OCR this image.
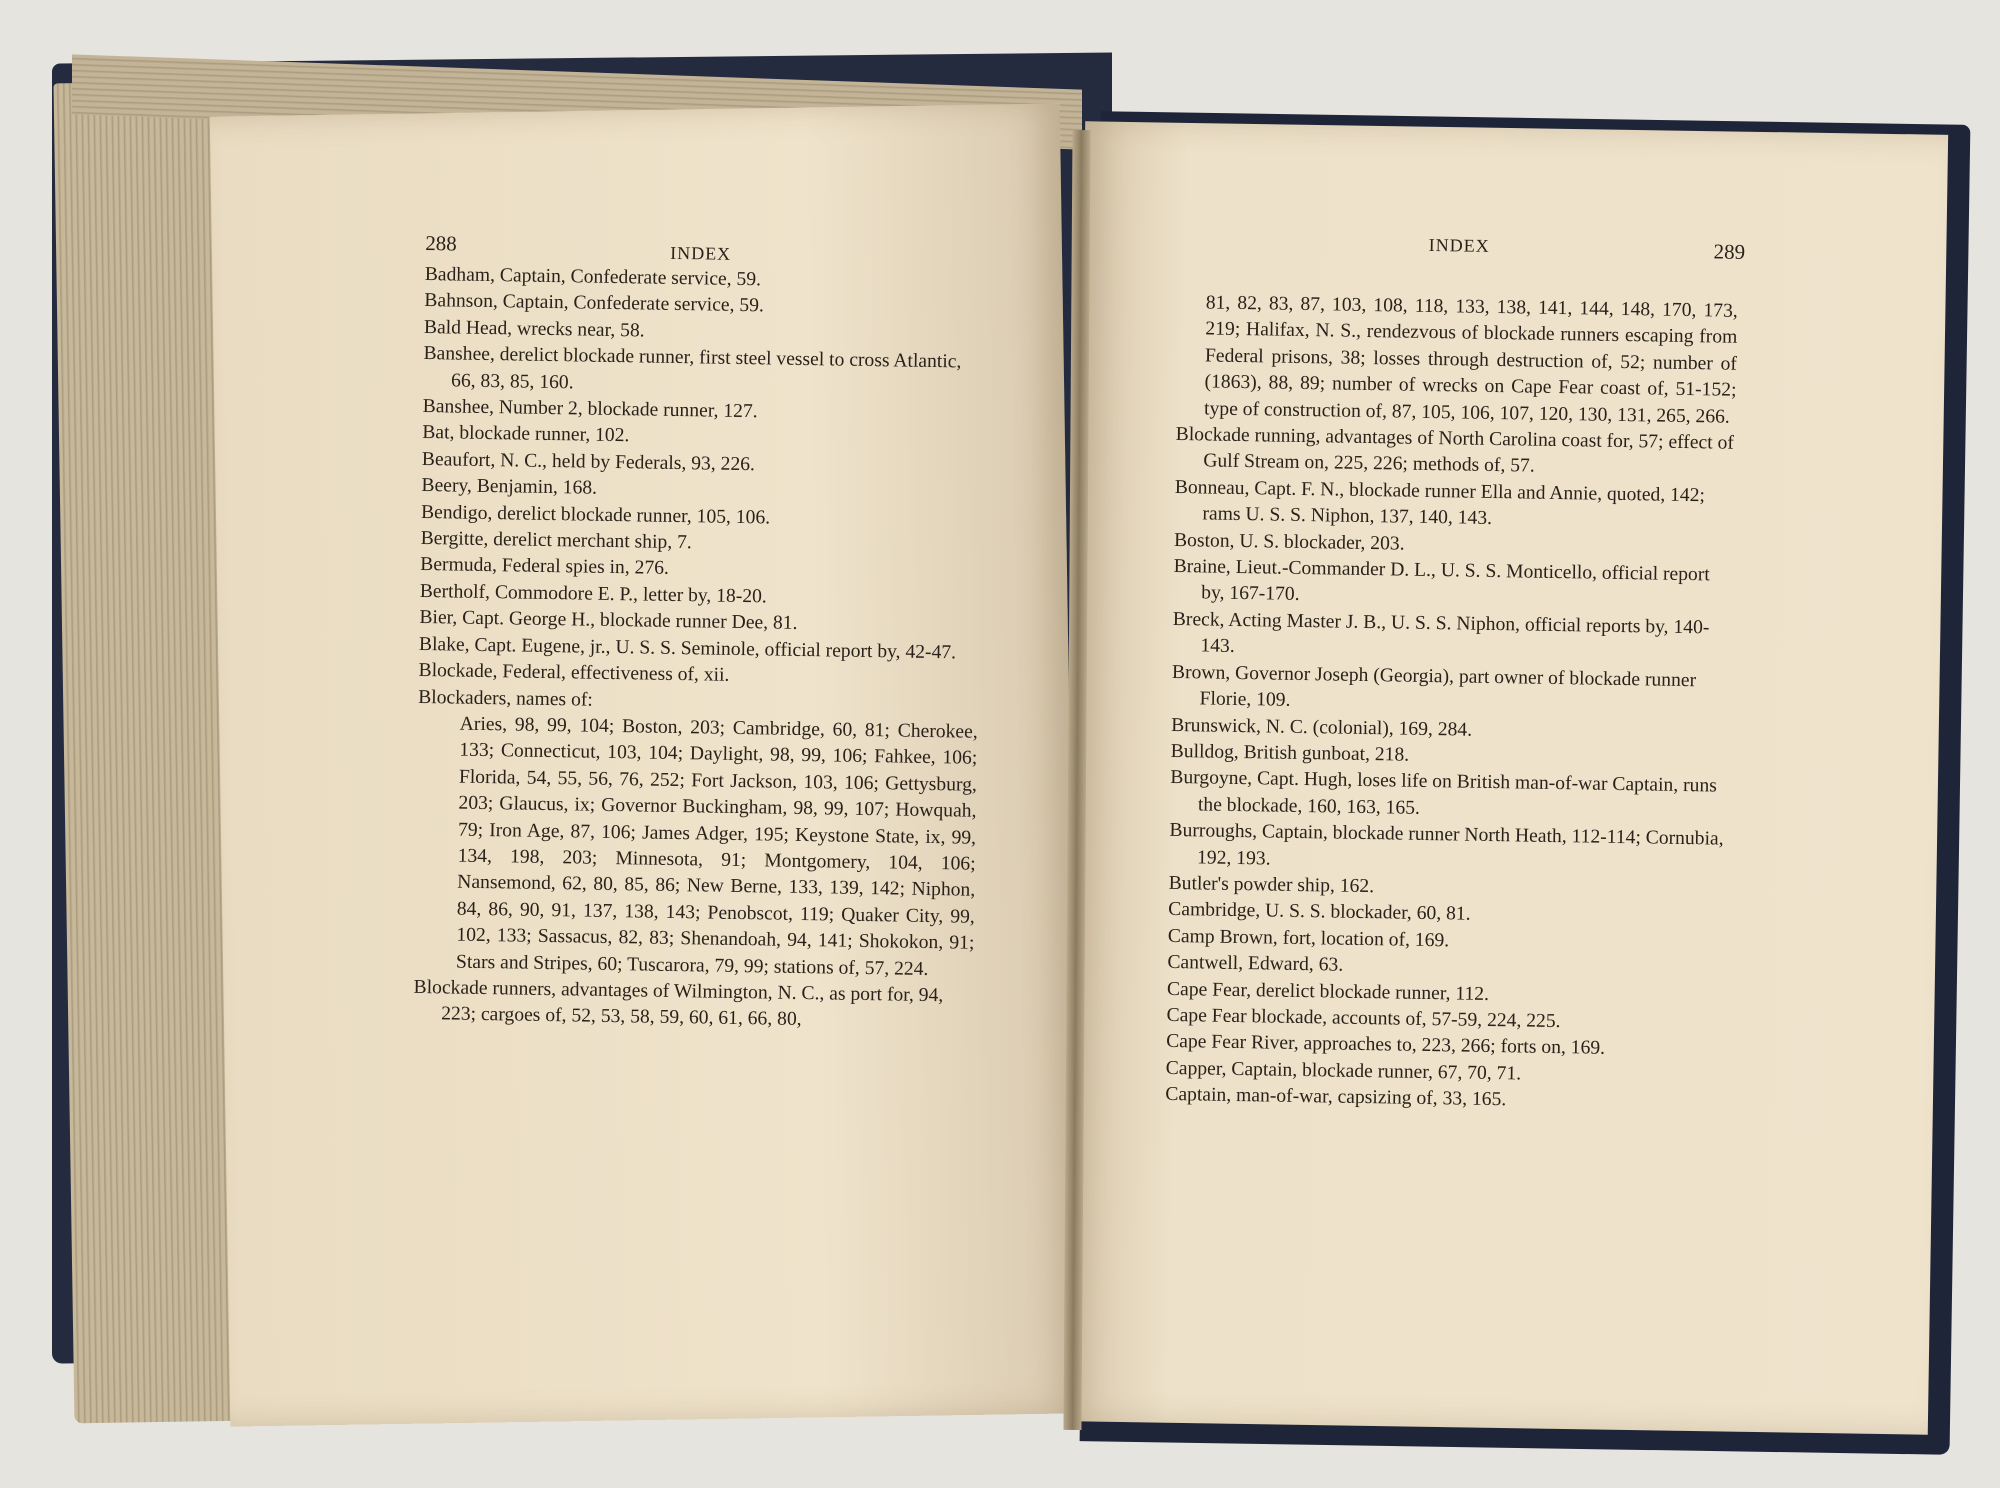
288	INDEX

Badham, Captain, Confederate service, 59.

Bahnson, Captain, Confederate service, 59.

Bald Head, wrecks near, 58.

Banshee, derelict blockade runner, first steel vessel to cross Atlantic, 66, 83, 85, 160.

Banshee, Number 2, blockade runner, 127.

Bat, blockade runner, 102.

Beaufort, N. C., held by Federals, 93, 226.

Beery, Benjamin, 168.

Bendigo, derelict blockade runner, 105, 106.

Bergitte, derelict merchant ship, 7.

Bermuda, Federal spies in, 276.

Bertholf, Commodore E. P., letter by, 18-20.

Bier, Capt. George H., blockade runner Dee, 81.

Blake, Capt. Eugene, jr., U. S. S. Seminole, official report by, 42-47.

Blockade, Federal, effectiveness of, xii.

Blockaders, names of:

Aries, 98, 99, 104; Boston, 203; Cambridge, 60, 81; Cherokee, 133; Connecticut, 103, 104; Daylight, 98, 99, 106; Fahkee, 106; Florida, 54, 55, 56, 76, 252; Fort Jackson, 103, 106; Gettysburg, 203; Glaucus, ix; Governor Buckingham, 98, 99, 107; Howquah, 79; Iron Age, 87, 106; James Adger, 195; Keystone State, ix, 99, 134, 198, 203; Minnesota, 91; Montgomery, 104, 106; Nansemond, 62, 80, 85, 86; New Berne, 133, 139, 142; Niphon, 84, 86, 90, 91, 137, 138, 143; Penobscot, 119; Quaker City, 99, 102, 133; Sassacus, 82, 83; Shenandoah, 94, 141; Shokokon, 91; Stars and Stripes, 60; Tuscarora, 79, 99; stations of, 57, 224.

Blockade runners, advantages of Wilmington, N. C., as port for, 94, 223; cargoes of, 52, 53, 58, 59, 60, 61, 66, 80,

INDEX	289

81, 82, 83, 87, 103, 108, 118, 133, 138, 141, 144, 148, 170, 173, 219; Halifax, N. S., rendezvous of blockade runners escaping from Federal prisons, 38; losses through destruction of, 52; number of (1863), 88, 89; number of wrecks on Cape Fear coast of, 51-152; type of construction of, 87, 105, 106, 107, 120, 130, 131, 265, 266.

Blockade running, advantages of North Carolina coast for, 57; effect of Gulf Stream on, 225, 226; methods of, 57.

Bonneau, Capt. F. N., blockade runner Ella and Annie, quoted, 142; rams U. S. S. Niphon, 137, 140, 143.

Boston, U. S. blockader, 203.

Braine, Lieut.-Commander D. L., U. S. S. Monticello, official report by, 167-170.

Breck, Acting Master J. B., U. S. S. Niphon, official reports by, 140-143.

Brown, Governor Joseph (Georgia), part owner of blockade runner Florie, 109.

Brunswick, N. C. (colonial), 169, 284.

Bulldog, British gunboat, 218.

Burgoyne, Capt. Hugh, loses life on British man-of-war Captain, runs the blockade, 160, 163, 165.

Burroughs, Captain, blockade runner North Heath, 112-114; Cornubia, 192, 193.

Butler's powder ship, 162.

Cambridge, U. S. S. blockader, 60, 81.

Camp Brown, fort, location of, 169.

Cantwell, Edward, 63.

Cape Fear, derelict blockade runner, 112.

Cape Fear blockade, accounts of, 57-59, 224, 225.

Cape Fear River, approaches to, 223, 266; forts on, 169.

Capper, Captain, blockade runner, 67, 70, 71.

Captain, man-of-war, capsizing of, 33, 165.
